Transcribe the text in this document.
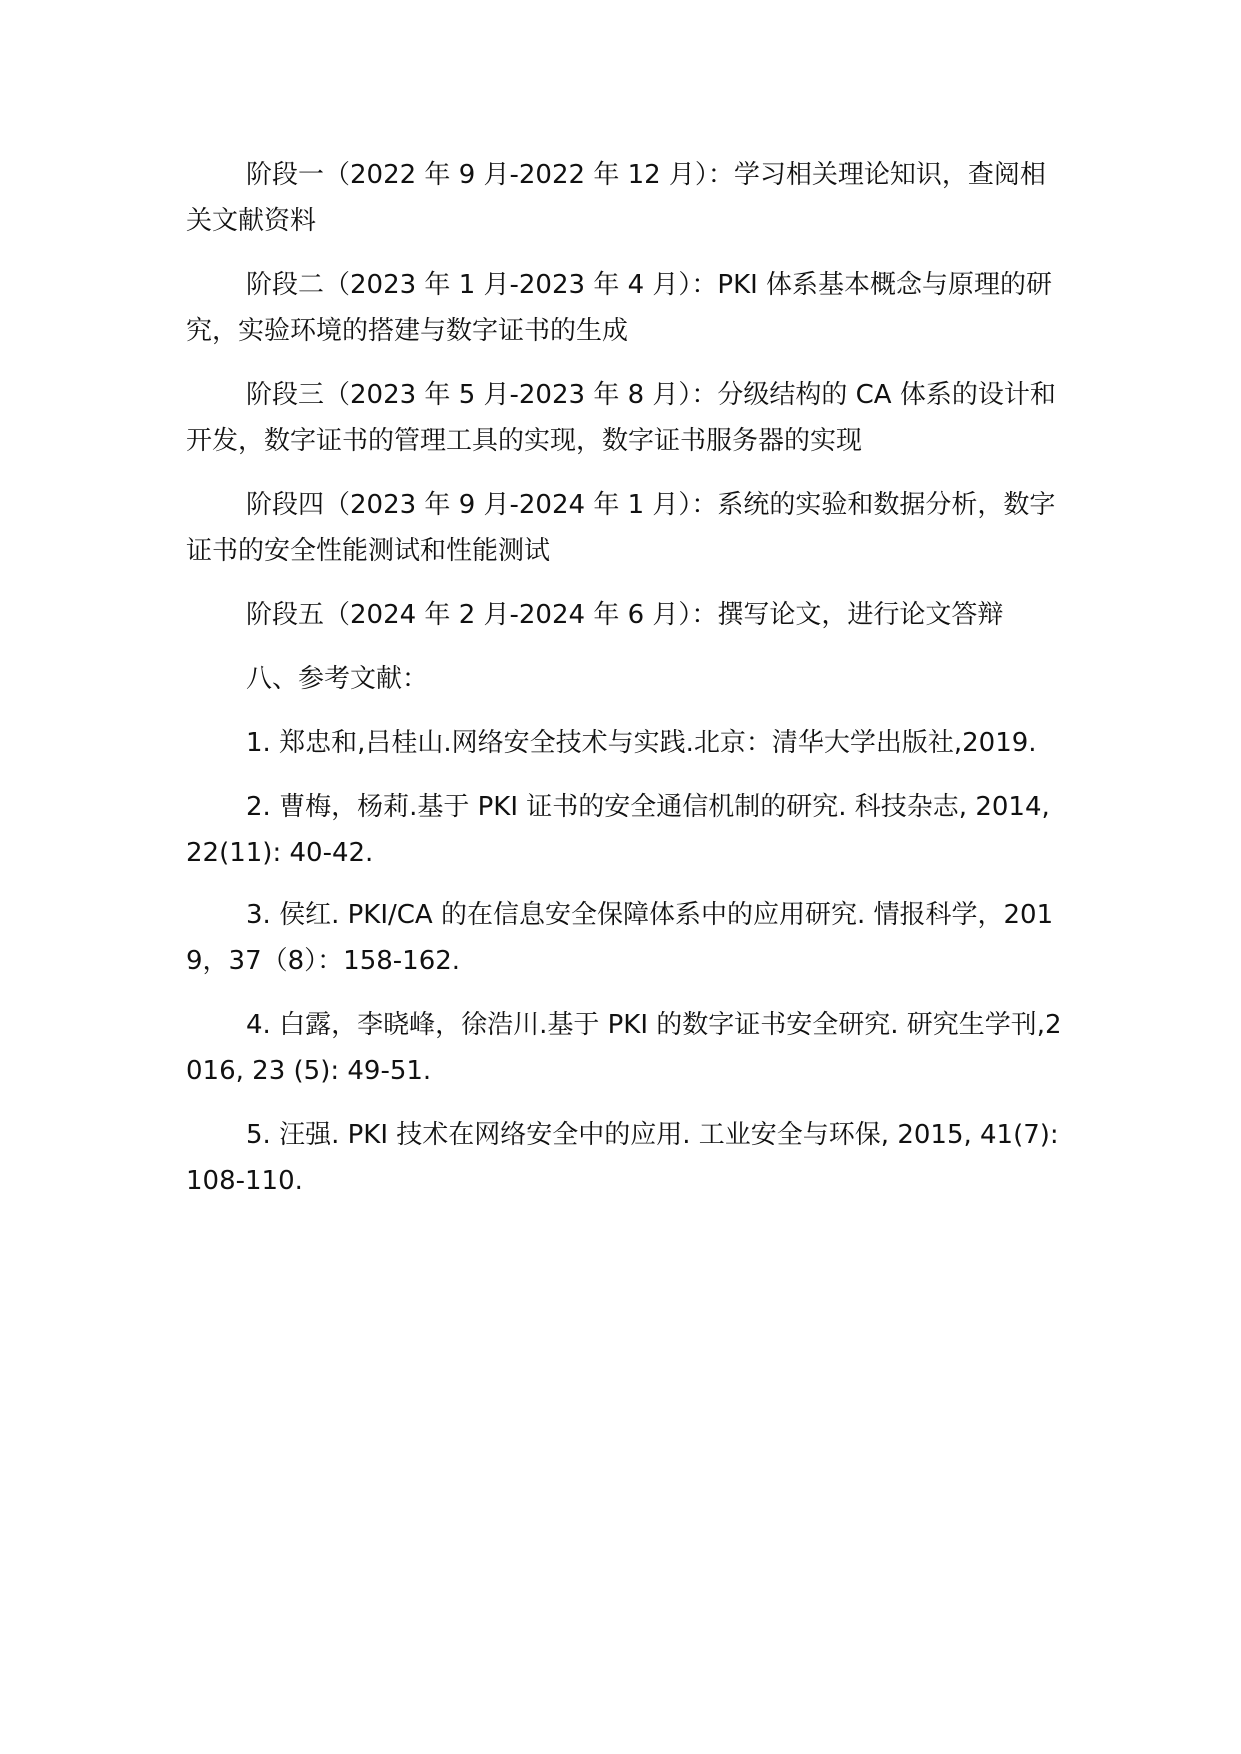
阶段一（2022 年 9 月-2022 年 12 月）：学习相关理论知识，查阅相关文献资料

阶段二（2023 年 1 月-2023 年 4 月）：PKI 体系基本概念与原理的研究，实验环境的搭建与数字证书的生成

阶段三（2023 年 5 月-2023 年 8 月）：分级结构的 CA 体系的设计和开发，数字证书的管理工具的实现，数字证书服务器的实现

阶段四（2023 年 9 月-2024 年 1 月）：系统的实验和数据分析，数字证书的安全性能测试和性能测试

阶段五（2024 年 2 月-2024 年 6 月）：撰写论文，进行论文答辩

八、参考文献：

1. 郑忠和,吕桂山.网络安全技术与实践.北京：清华大学出版社,2019.

2. 曹梅，杨莉.基于 PKI 证书的安全通信机制的研究. 科技杂志, 2014, 22(11): 40-42.

3. 侯红. PKI/CA 的在信息安全保障体系中的应用研究. 情报科学，2019，37（8）：158-162.

4. 白露，李晓峰，徐浩川.基于 PKI 的数字证书安全研究. 研究生学刊,2016, 23 (5): 49-51.

5. 汪强. PKI 技术在网络安全中的应用. 工业安全与环保, 2015, 41(7): 108-110.
